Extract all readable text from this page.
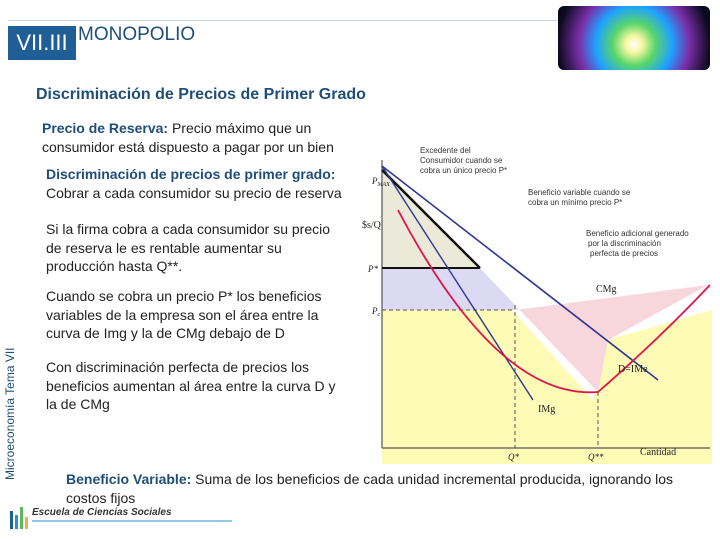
VII.III MONOPOLIO
Discriminación de Precios de Primer Grado
Precio de Reserva: Precio máximo que un consumidor está dispuesto a pagar por un bien
Discriminación de precios de primer grado: Cobrar a cada consumidor su precio de reserva
Si la firma cobra a cada consumidor su precio de reserva le es rentable aumentar su producción hasta Q**.
Cuando se cobra un precio P* los beneficios variables de la empresa son el área entre la curva de Img y la de CMg debajo de D
Con discriminación perfecta de precios los beneficios aumentan al área entre la curva D y la de CMg
Microeconomía Tema VII
$s/Q
Cantidad
$P_{MAX}$
P*
$P_c$
Q*	Q**
CMg
D=IMe
IMg
Excedente del Consumidor cuando se cobra un único precio P*
Beneficio variable cuando se cobra un mínimo precio P*
Beneficio adicional generado por la discriminación perfecta de precios
Beneficio Variable: Suma de los beneficios de cada unidad incremental producida, ignorando los costos fijos
Escuela de Ciencias Sociales
